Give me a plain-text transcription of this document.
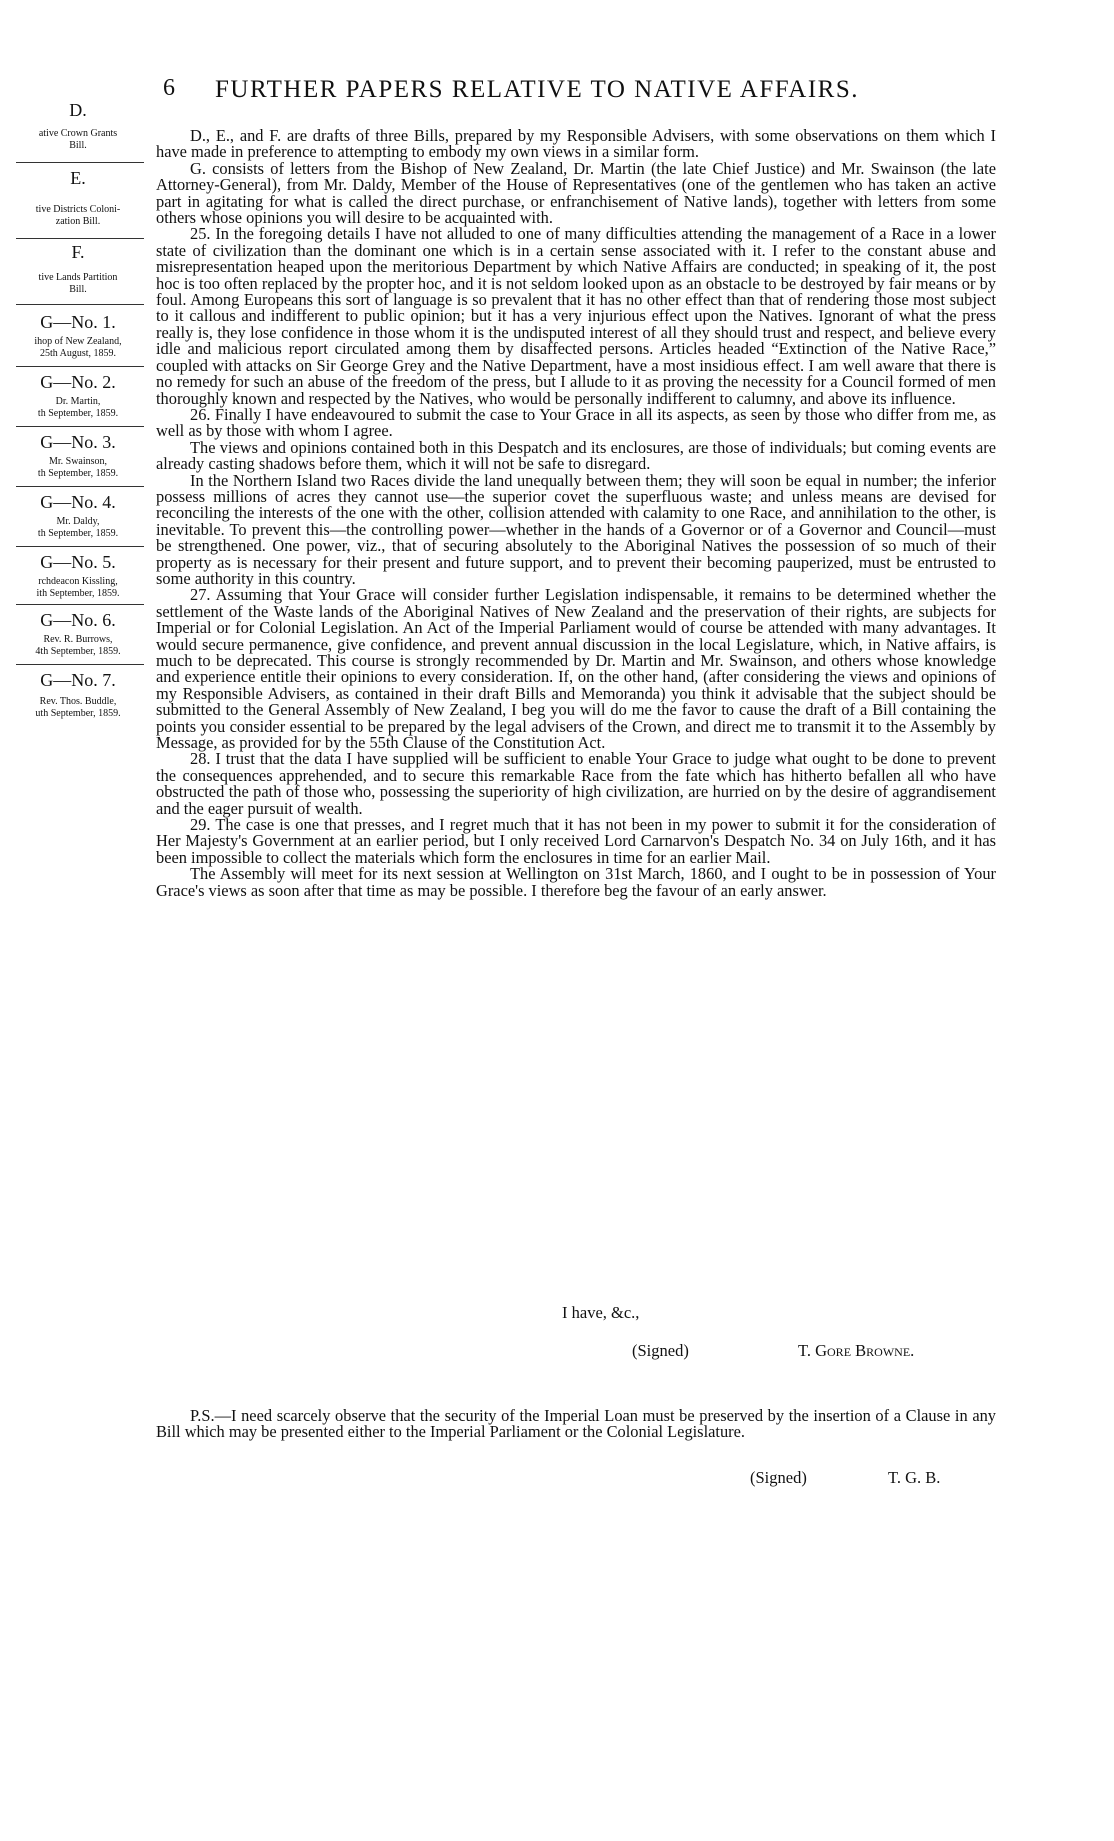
6 FURTHER PAPERS RELATIVE TO NATIVE AFFAIRS.
D.
ative Crown Grants
Bill.
E.
tive Districts Coloni-
zation Bill.
F.
tive Lands Partition
Bill.
G—No. 1.
ihop of New Zealand,
25th August, 1859.
G—No. 2.
Dr. Martin,
th September, 1859.
G—No. 3.
Mr. Swainson,
th September, 1859.
G—No. 4.
Mr. Daldy,
th September, 1859.
G—No. 5.
rchdeacon Kissling,
ith September, 1859.
G—No. 6.
Rev. R. Burrows,
4th September, 1859.
G—No. 7.
Rev. Thos. Buddle,
uth September, 1859.

D., E., and F. are drafts of three Bills, prepared by my Responsible Advisers, with some observations on them which I have made in preference to attempting to embody my own views in a similar form.

G. consists of letters from the Bishop of New Zealand, Dr. Martin (the late Chief Justice) and Mr. Swainson (the late Attorney-General), from Mr. Daldy, Member of the House of Representatives (one of the gentlemen who has taken an active part in agitating for what is called the direct purchase, or enfranchisement of Native lands), together with letters from some others whose opinions you will desire to be acquainted with.

25. In the foregoing details I have not alluded to one of many difficulties attending the management of a Race in a lower state of civilization than the dominant one which is in a certain sense associated with it. I refer to the constant abuse and misrepresentation heaped upon the meritorious Department by which Native Affairs are conducted; in speaking of it, the post hoc is too often replaced by the propter hoc, and it is not seldom looked upon as an obstacle to be destroyed by fair means or by foul. Among Europeans this sort of language is so prevalent that it has no other effect than that of rendering those most subject to it callous and indifferent to public opinion; but it has a very injurious effect upon the Natives. Ignorant of what the press really is, they lose confidence in those whom it is the undisputed interest of all they should trust and respect, and believe every idle and malicious report circulated among them by disaffected persons. Articles headed “Extinction of the Native Race,” coupled with attacks on Sir George Grey and the Native Department, have a most insidious effect. I am well aware that there is no remedy for such an abuse of the freedom of the press, but I allude to it as proving the necessity for a Council formed of men thoroughly known and respected by the Natives, who would be personally indifferent to calumny, and above its influence.

26. Finally I have endeavoured to submit the case to Your Grace in all its aspects, as seen by those who differ from me, as well as by those with whom I agree.

The views and opinions contained both in this Despatch and its enclosures, are those of individuals; but coming events are already casting shadows before them, which it will not be safe to disregard.

In the Northern Island two Races divide the land unequally between them; they will soon be equal in number; the inferior possess millions of acres they cannot use—the superior covet the superfluous waste; and unless means are devised for reconciling the interests of the one with the other, collision attended with calamity to one Race, and annihilation to the other, is inevitable. To prevent this—the controlling power—whether in the hands of a Governor or of a Governor and Council—must be strengthened. One power, viz., that of securing absolutely to the Aboriginal Natives the possession of so much of their property as is necessary for their present and future support, and to prevent their becoming pauperized, must be entrusted to some authority in this country.

27. Assuming that Your Grace will consider further Legislation indispensable, it remains to be determined whether the settlement of the Waste lands of the Aboriginal Natives of New Zealand and the preservation of their rights, are subjects for Imperial or for Colonial Legislation. An Act of the Imperial Parliament would of course be attended with many advantages. It would secure permanence, give confidence, and prevent annual discussion in the local Legislature, which, in Native affairs, is much to be deprecated. This course is strongly recommended by Dr. Martin and Mr. Swainson, and others whose knowledge and experience entitle their opinions to every consideration. If, on the other hand, (after considering the views and opinions of my Responsible Advisers, as contained in their draft Bills and Memoranda) you think it advisable that the subject should be submitted to the General Assembly of New Zealand, I beg you will do me the favor to cause the draft of a Bill containing the points you consider essential to be prepared by the legal advisers of the Crown, and direct me to transmit it to the Assembly by Message, as provided for by the 55th Clause of the Constitution Act.

28. I trust that the data I have supplied will be sufficient to enable Your Grace to judge what ought to be done to prevent the consequences apprehended, and to secure this remarkable Race from the fate which has hitherto befallen all who have obstructed the path of those who, possessing the superiority of high civilization, are hurried on by the desire of aggrandisement and the eager pursuit of wealth.

29. The case is one that presses, and I regret much that it has not been in my power to submit it for the consideration of Her Majesty's Government at an earlier period, but I only received Lord Carnarvon's Despatch No. 34 on July 16th, and it has been impossible to collect the materials which form the enclosures in time for an earlier Mail.

The Assembly will meet for its next session at Wellington on 31st March, 1860, and I ought to be in possession of Your Grace's views as soon after that time as may be possible. I therefore beg the favour of an early answer.

I have, &c.,
(Signed)	T. Gore Browne.
P.S.—I need scarcely observe that the security of the Imperial Loan must be preserved by the insertion of a Clause in any Bill which may be presented either to the Imperial Parliament or the Colonial Legislature.
(Signed)	T. G. B.
